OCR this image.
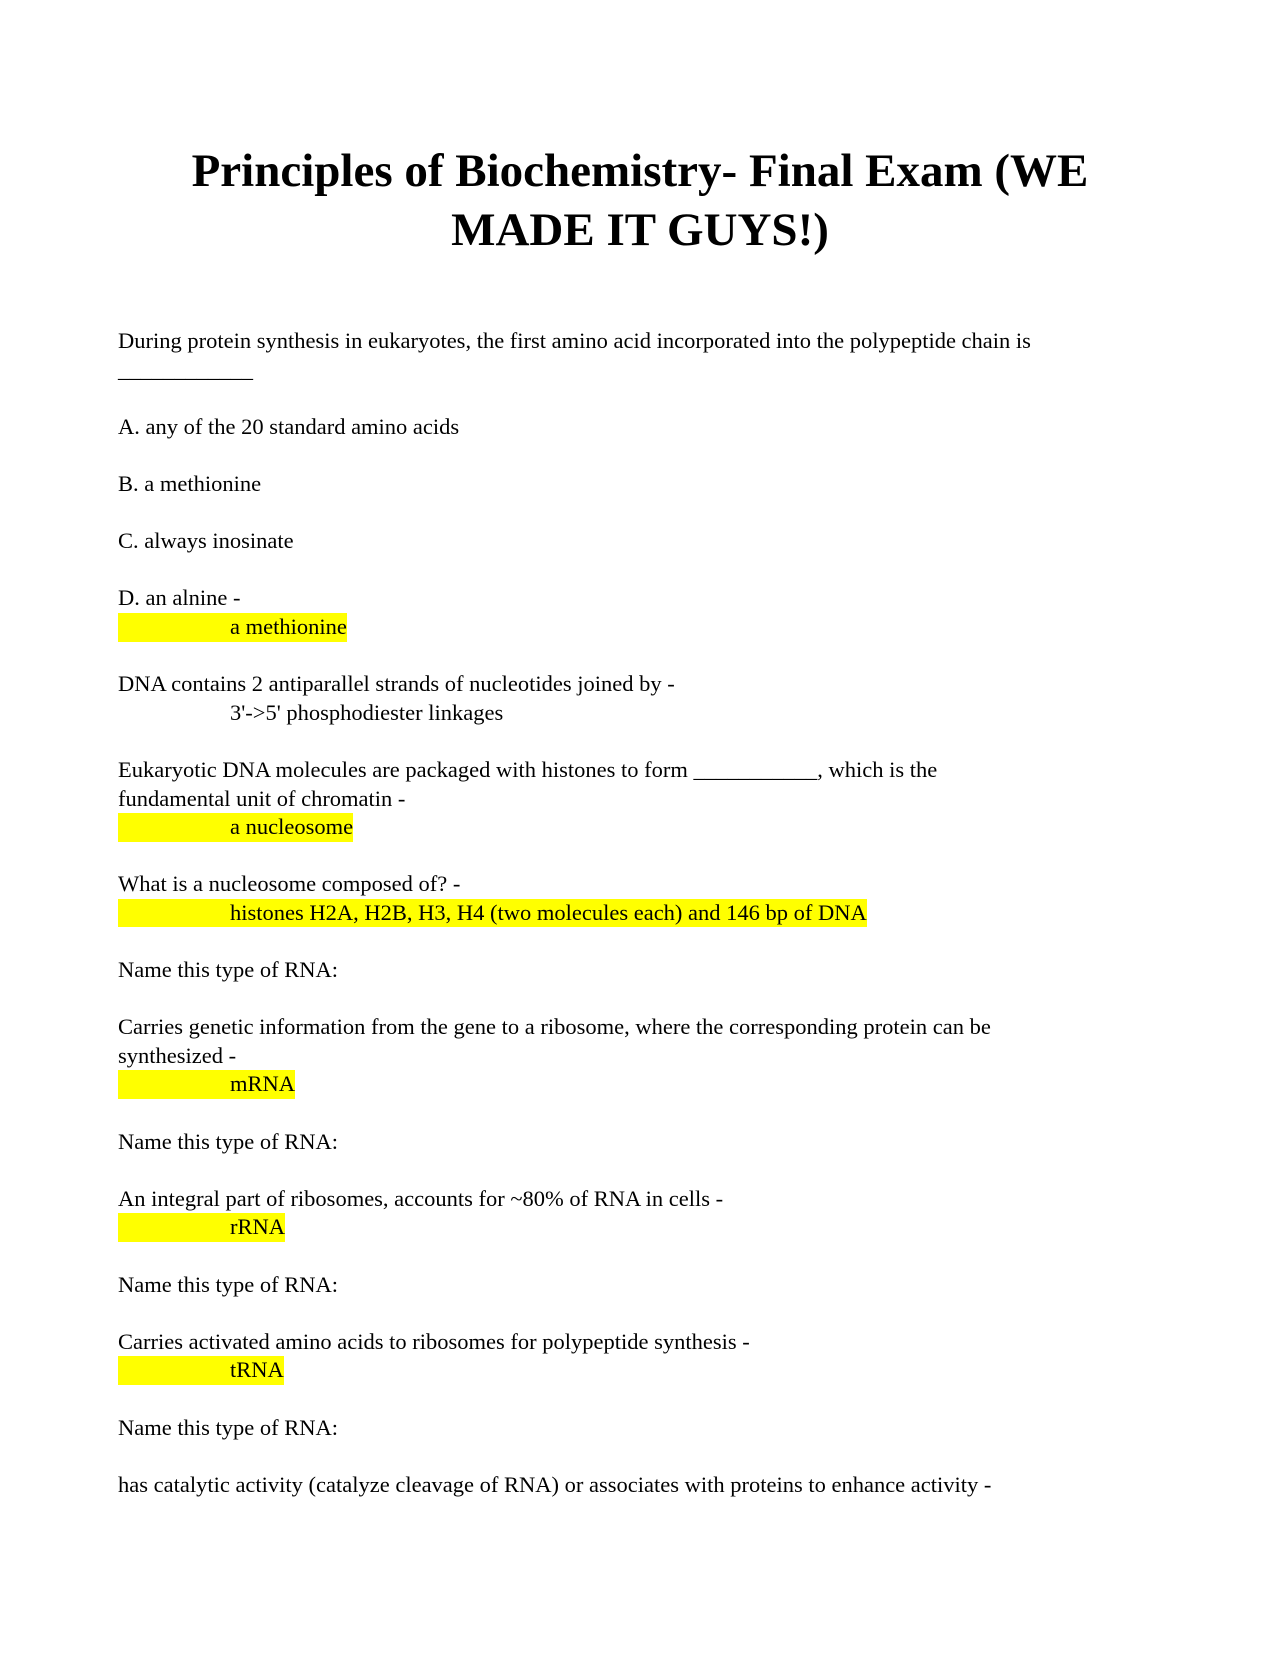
Principles of Biochemistry- Final Exam (WE
MADE IT GUYS!)
During protein synthesis in eukaryotes, the first amino acid incorporated into the polypeptide chain is
____________
A. any of the 20 standard amino acids
B. a methionine
C. always inosinate
D. an alnine -
a methionine
DNA contains 2 antiparallel strands of nucleotides joined by -
3'->5' phosphodiester linkages
Eukaryotic DNA molecules are packaged with histones to form ___________, which is the
fundamental unit of chromatin -
a nucleosome
What is a nucleosome composed of? -
histones H2A, H2B, H3, H4 (two molecules each) and 146 bp of DNA
Name this type of RNA:
Carries genetic information from the gene to a ribosome, where the corresponding protein can be
synthesized -
mRNA
Name this type of RNA:
An integral part of ribosomes, accounts for ~80% of RNA in cells -
rRNA
Name this type of RNA:
Carries activated amino acids to ribosomes for polypeptide synthesis -
tRNA
Name this type of RNA:
has catalytic activity (catalyze cleavage of RNA) or associates with proteins to enhance activity -
